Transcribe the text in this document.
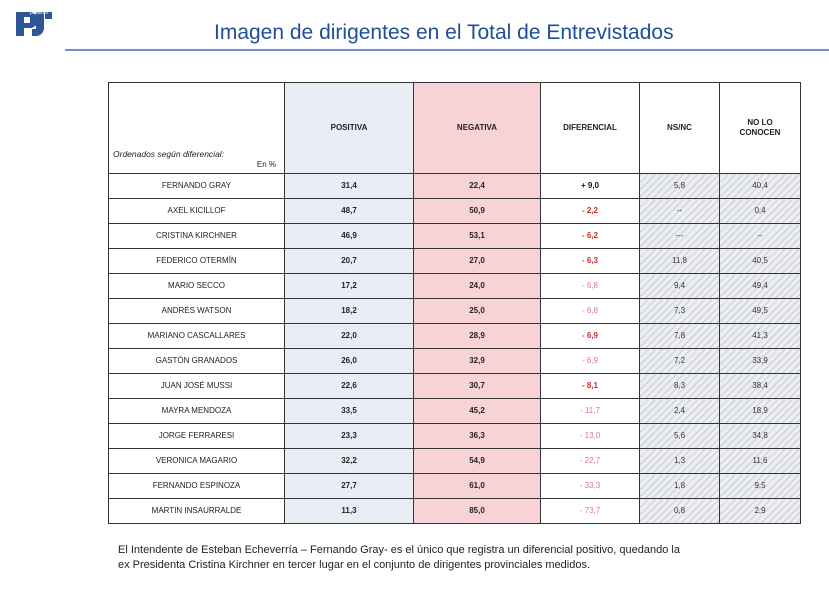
politikon
Imagen de dirigentes en el Total de Entrevistados
Ordenados según diferencial:
En %	POSITIVA	NEGATIVA	DIFERENCIAL	NS/NC	NO LO
CONOCEN
FERNANDO GRAY	31,4	22,4	+ 9,0	5,8	40,4
AXEL KICILLOF	48,7	50,9	- 2,2	--	0,4
CRISTINA KIRCHNER	46,9	53,1	- 6,2	---	--
FEDERICO OTERMÍN	20,7	27,0	- 6,3	11,8	40,5
MARIO SECCO	17,2	24,0	- 6,8	9,4	49,4
ANDRÉS WATSON	18,2	25,0	- 6,8	7,3	49,5
MARIANO CASCALLARES	22,0	28,9	- 6,9	7,8	41,3
GASTÓN GRANADOS	26,0	32,9	- 6,9	7,2	33,9
JUAN JOSÉ MUSSI	22,6	30,7	- 8,1	8,3	38,4
MAYRA MENDOZA	33,5	45,2	- 11,7	2,4	18,9
JORGE FERRARESI	23,3	36,3	- 13,0	5,6	34,8
VERONICA MAGARIO	32,2	54,9	- 22,7	1,3	11,6
FERNANDO ESPINOZA	27,7	61,0	- 33,3	1,8	9,5
MARTIN INSAURRALDE	11,3	85,0	- 73,7	0,8	2,9
El Intendente de Esteban Echeverría – Fernando Gray- es el único que registra un diferencial positivo, quedando la
ex Presidenta Cristina Kirchner en tercer lugar en el conjunto de dirigentes provinciales medidos.
